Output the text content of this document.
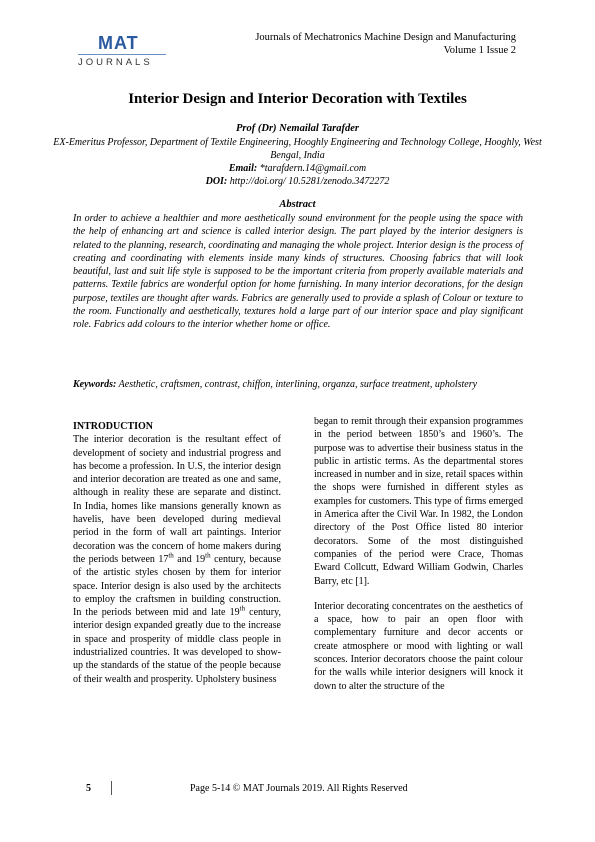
MAT
JOURNALS
Journals of Mechatronics Machine Design and Manufacturing
Volume 1 Issue 2
Interior Design and Interior Decoration with Textiles
Prof (Dr) Nemailal Tarafder
EX-Emeritus Professor, Department of Textile Engineering, Hooghly Engineering and Technology College, Hooghly, West Bengal, India
Email: *tarafdern.14@gmail.com
DOI: http://doi.org/ 10.5281/zenodo.3472272
Abstract
In order to achieve a healthier and more aesthetically sound environment for the people using the space with the help of enhancing art and science is called interior design. The part played by the interior designers is related to the planning, research, coordinating and managing the whole project. Interior design is the process of creating and coordinating with elements inside many kinds of structures. Choosing fabrics that will look beautiful, last and suit life style is supposed to be the important criteria from properly available materials and patterns. Textile fabrics are wonderful option for home furnishing. In many interior decorations, for the design purpose, textiles are thought after wards. Fabrics are generally used to provide a splash of Colour or texture to the room. Functionally and aesthetically, textures hold a large part of our interior space and play significant role. Fabrics add colours to the interior whether home or office.
Keywords: Aesthetic, craftsmen, contrast, chiffon, interlining, organza, surface treatment, upholstery

INTRODUCTION

The interior decoration is the resultant effect of development of society and industrial progress and has become a profession. In U.S, the interior design and interior decoration are treated as one and same, although in reality these are separate and distinct. In India, homes like mansions generally known as havelis, have been developed during medieval period in the form of wall art paintings. Interior decoration was the concern of home makers during the periods between 17th and 19th century, because of the artistic styles chosen by them for interior space. Interior design is also used by the architects to employ the craftsmen in building construction. In the periods between mid and late 19th century, interior design expanded greatly due to the increase in space and prosperity of middle class people in industrialized countries. It was developed to show-up the standards of the statue of the people because of their wealth and prosperity. Upholstery business

began to remit through their expansion programmes in the period between 1850’s and 1960’s. The purpose was to advertise their business status in the public in artistic terms. As the departmental stores increased in number and in size, retail spaces within the shops were furnished in different styles as examples for customers. This type of firms emerged in America after the Civil War. In 1982, the London directory of the Post Office listed 80 interior decorators. Some of the most distinguished companies of the period were Crace, Thomas Eward Collcutt, Edward William Godwin, Charles Barry, etc [1].

Interior decorating concentrates on the aesthetics of a space, how to pair an open floor with complementary furniture and decor accents or create atmosphere or mood with lighting or wall sconces. Interior decorators choose the paint colour for the walls while interior designers will knock it down to alter the structure of the

5	Page 5-14 © MAT Journals 2019. All Rights Reserved
